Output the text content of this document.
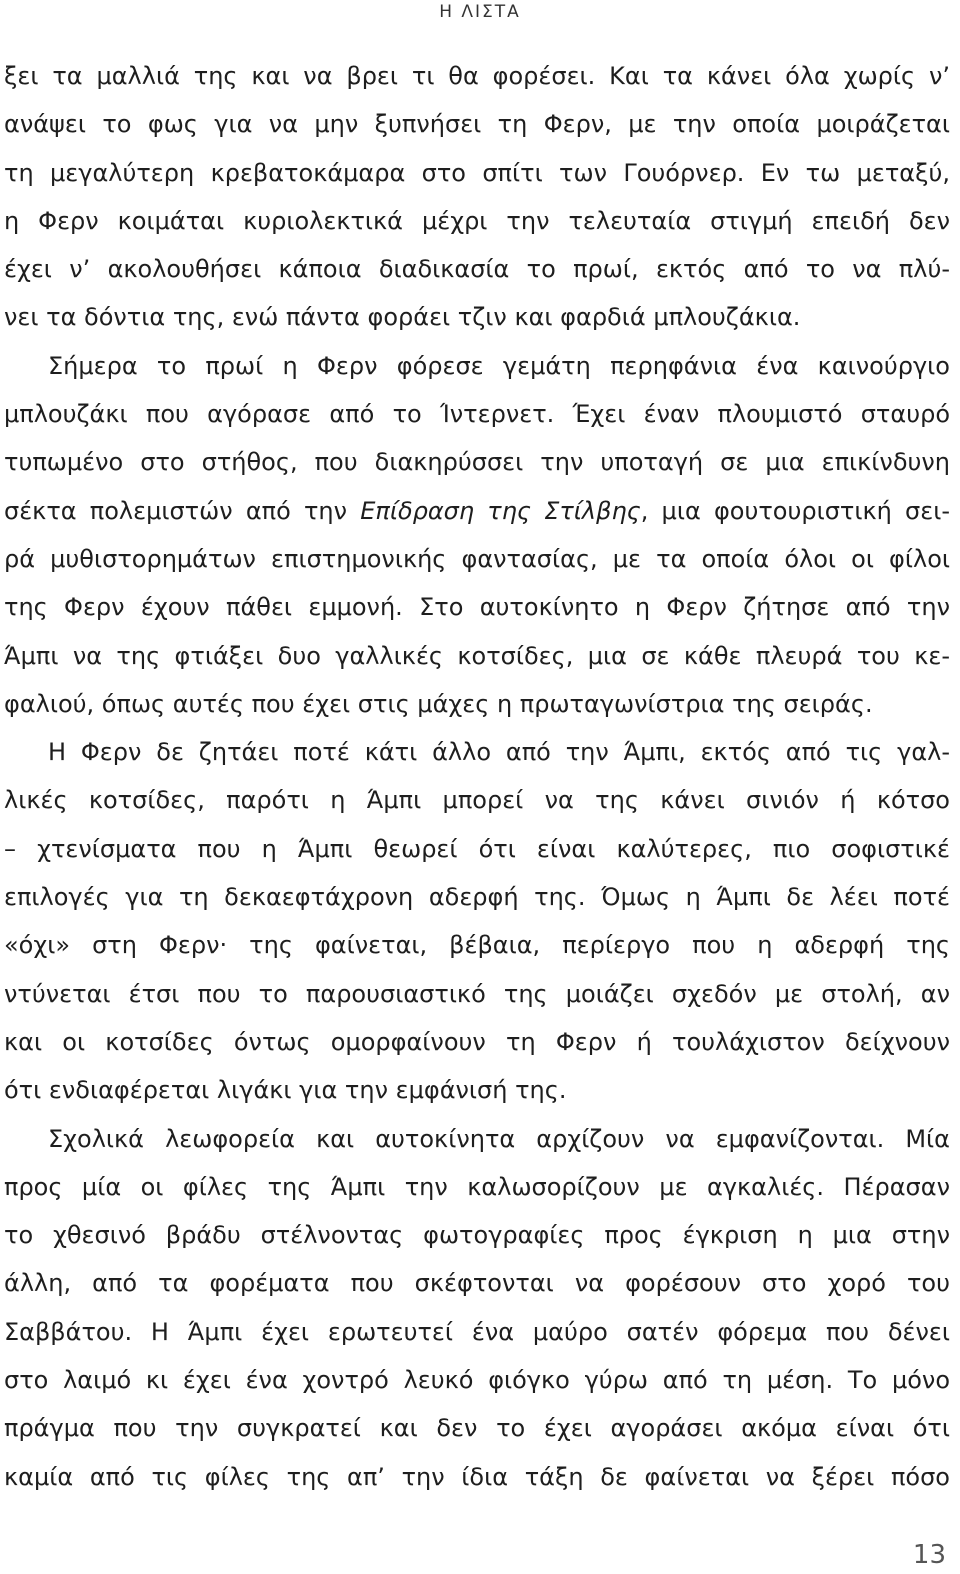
Η ΛΙΣΤΑ
ξει τα μαλλιά της και να βρει τι θα φορέσει. Και τα κάνει όλα χωρίς ν’
ανάψει το φως για να μην ξυπνήσει τη Φερν, με την οποία μοιράζεται
τη μεγαλύτερη κρεβατοκάμαρα στο σπίτι των Γουόρνερ. Εν τω μεταξύ,
η Φερν κοιμάται κυριολεκτικά μέχρι την τελευταία στιγμή επειδή δεν
έχει ν’ ακολουθήσει κάποια διαδικασία το πρωί, εκτός από το να πλύ-
νει τα δόντια της, ενώ πάντα φοράει τζιν και φαρδιά μπλουζάκια.
Σήμερα το πρωί η Φερν φόρεσε γεμάτη περηφάνια ένα καινούργιο
μπλουζάκι που αγόρασε από το Ίντερνετ. Έχει έναν πλουμιστό σταυρό
τυπωμένο στο στήθος, που διακηρύσσει την υποταγή σε μια επικίνδυνη
σέκτα πολεμιστών από την Επίδραση της Στίλβης, μια φουτουριστική σει-
ρά μυθιστορημάτων επιστημονικής φαντασίας, με τα οποία όλοι οι φίλοι
της Φερν έχουν πάθει εμμονή. Στο αυτοκίνητο η Φερν ζήτησε από την
Άμπι να της φτιάξει δυο γαλλικές κοτσίδες, μια σε κάθε πλευρά του κε-
φαλιού, όπως αυτές που έχει στις μάχες η πρωταγωνίστρια της σειράς.
Η Φερν δε ζητάει ποτέ κάτι άλλο από την Άμπι, εκτός από τις γαλ-
λικές κοτσίδες, παρότι η Άμπι μπορεί να της κάνει σινιόν ή κότσο
– χτενίσματα που η Άμπι θεωρεί ότι είναι καλύτερες, πιο σοφιστικέ
επιλογές για τη δεκαεφτάχρονη αδερφή της. Όμως η Άμπι δε λέει ποτέ
«όχι» στη Φερν· της φαίνεται, βέβαια, περίεργο που η αδερφή της
ντύνεται έτσι που το παρουσιαστικό της μοιάζει σχεδόν με στολή, αν
και οι κοτσίδες όντως ομορφαίνουν τη Φερν ή τουλάχιστον δείχνουν
ότι ενδιαφέρεται λιγάκι για την εμφάνισή της.
Σχολικά λεωφορεία και αυτοκίνητα αρχίζουν να εμφανίζονται. Μία
προς μία οι φίλες της Άμπι την καλωσορίζουν με αγκαλιές. Πέρασαν
το χθεσινό βράδυ στέλνοντας φωτογραφίες προς έγκριση η μια στην
άλλη, από τα φορέματα που σκέφτονται να φορέσουν στο χορό του
Σαββάτου. Η Άμπι έχει ερωτευτεί ένα μαύρο σατέν φόρεμα που δένει
στο λαιμό κι έχει ένα χοντρό λευκό φιόγκο γύρω από τη μέση. Το μόνο
πράγμα που την συγκρατεί και δεν το έχει αγοράσει ακόμα είναι ότι
καμία από τις φίλες της απ’ την ίδια τάξη δε φαίνεται να ξέρει πόσο
13
